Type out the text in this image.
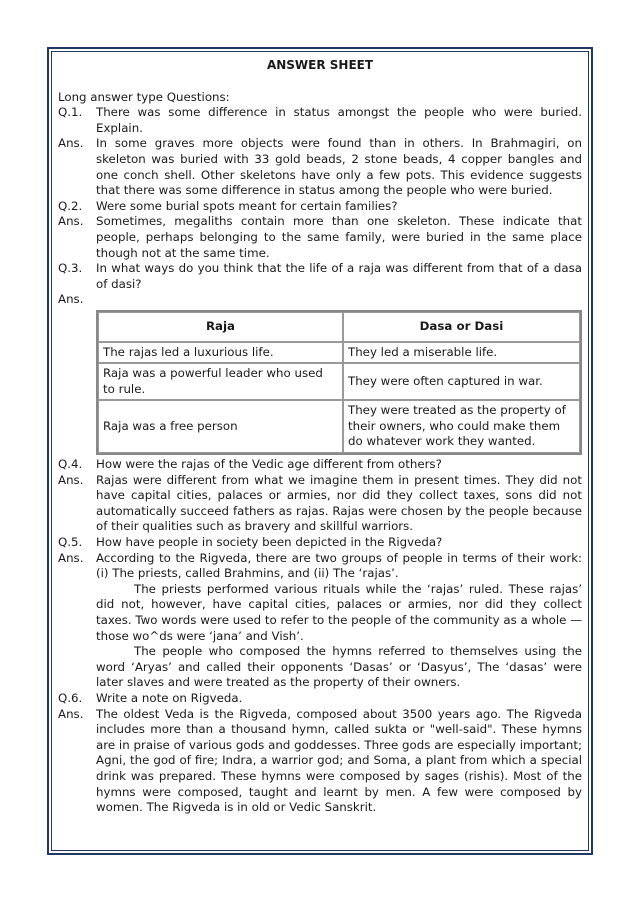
ANSWER SHEET

Long answer type Questions:

Q.1.	There was some difference in status amongst the people who were buried. Explain.
Ans.	In some graves more objects were found than in others. In Brahmagiri, on skeleton was buried with 33 gold beads, 2 stone beads, 4 copper bangles and one conch shell. Other skeletons have only a few pots. This evidence suggests that there was some difference in status among the people who were buried.
Q.2.	Were some burial spots meant for certain families?
Ans.	Sometimes, megaliths contain more than one skeleton. These indicate that people, perhaps belonging to the same family, were buried in the same place though not at the same time.
Q.3.	In what ways do you think that the life of a raja was different from that of a dasa of dasi?

Ans.

Raja	Dasa or Dasi
The rajas led a luxurious life.	They led a miserable life.
Raja was a powerful leader who used to rule.	They were often captured in war.
Raja was a free person	They were treated as the property of their owners, who could make them do whatever work they wanted.
Q.4.	How were the rajas of the Vedic age different from others?
Ans.	Rajas were different from what we imagine them in present times. They did not have capital cities, palaces or armies, nor did they collect taxes, sons did not automatically succeed fathers as rajas. Rajas were chosen by the people because of their qualities such as bravery and skillful warriors.
Q.5.	How have people in society been depicted in the Rigveda?
Ans.	According to the Rigveda, there are two groups of people in terms of their work: (i) The priests, called Brahmins, and (ii) The ‘rajas’.

The priests performed various rituals while the ‘rajas’ ruled. These rajas’ did not, however, have capital cities, palaces or armies, nor did they collect taxes. Two words were used to refer to the people of the community as a whole — those wo^ds were ‘jana’ and Vish’.

The people who composed the hymns referred to themselves using the word ‘Aryas’ and called their opponents ‘Dasas’ or ‘Dasyus’, The ‘dasas’ were later slaves and were treated as the property of their owners.

Q.6.	Write a note on Rigveda.
Ans.	The oldest Veda is the Rigveda, composed about 3500 years ago. The Rigveda includes more than a thousand hymn, called sukta or "well-said". These hymns are in praise of various gods and goddesses. Three gods are especially important; Agni, the god of fire; Indra, a warrior god; and Soma, a plant from which a special drink was prepared. These hymns were composed by sages (rishis). Most of the hymns were composed, taught and learnt by men. A few were composed by women. The Rigveda is in old or Vedic Sanskrit.
